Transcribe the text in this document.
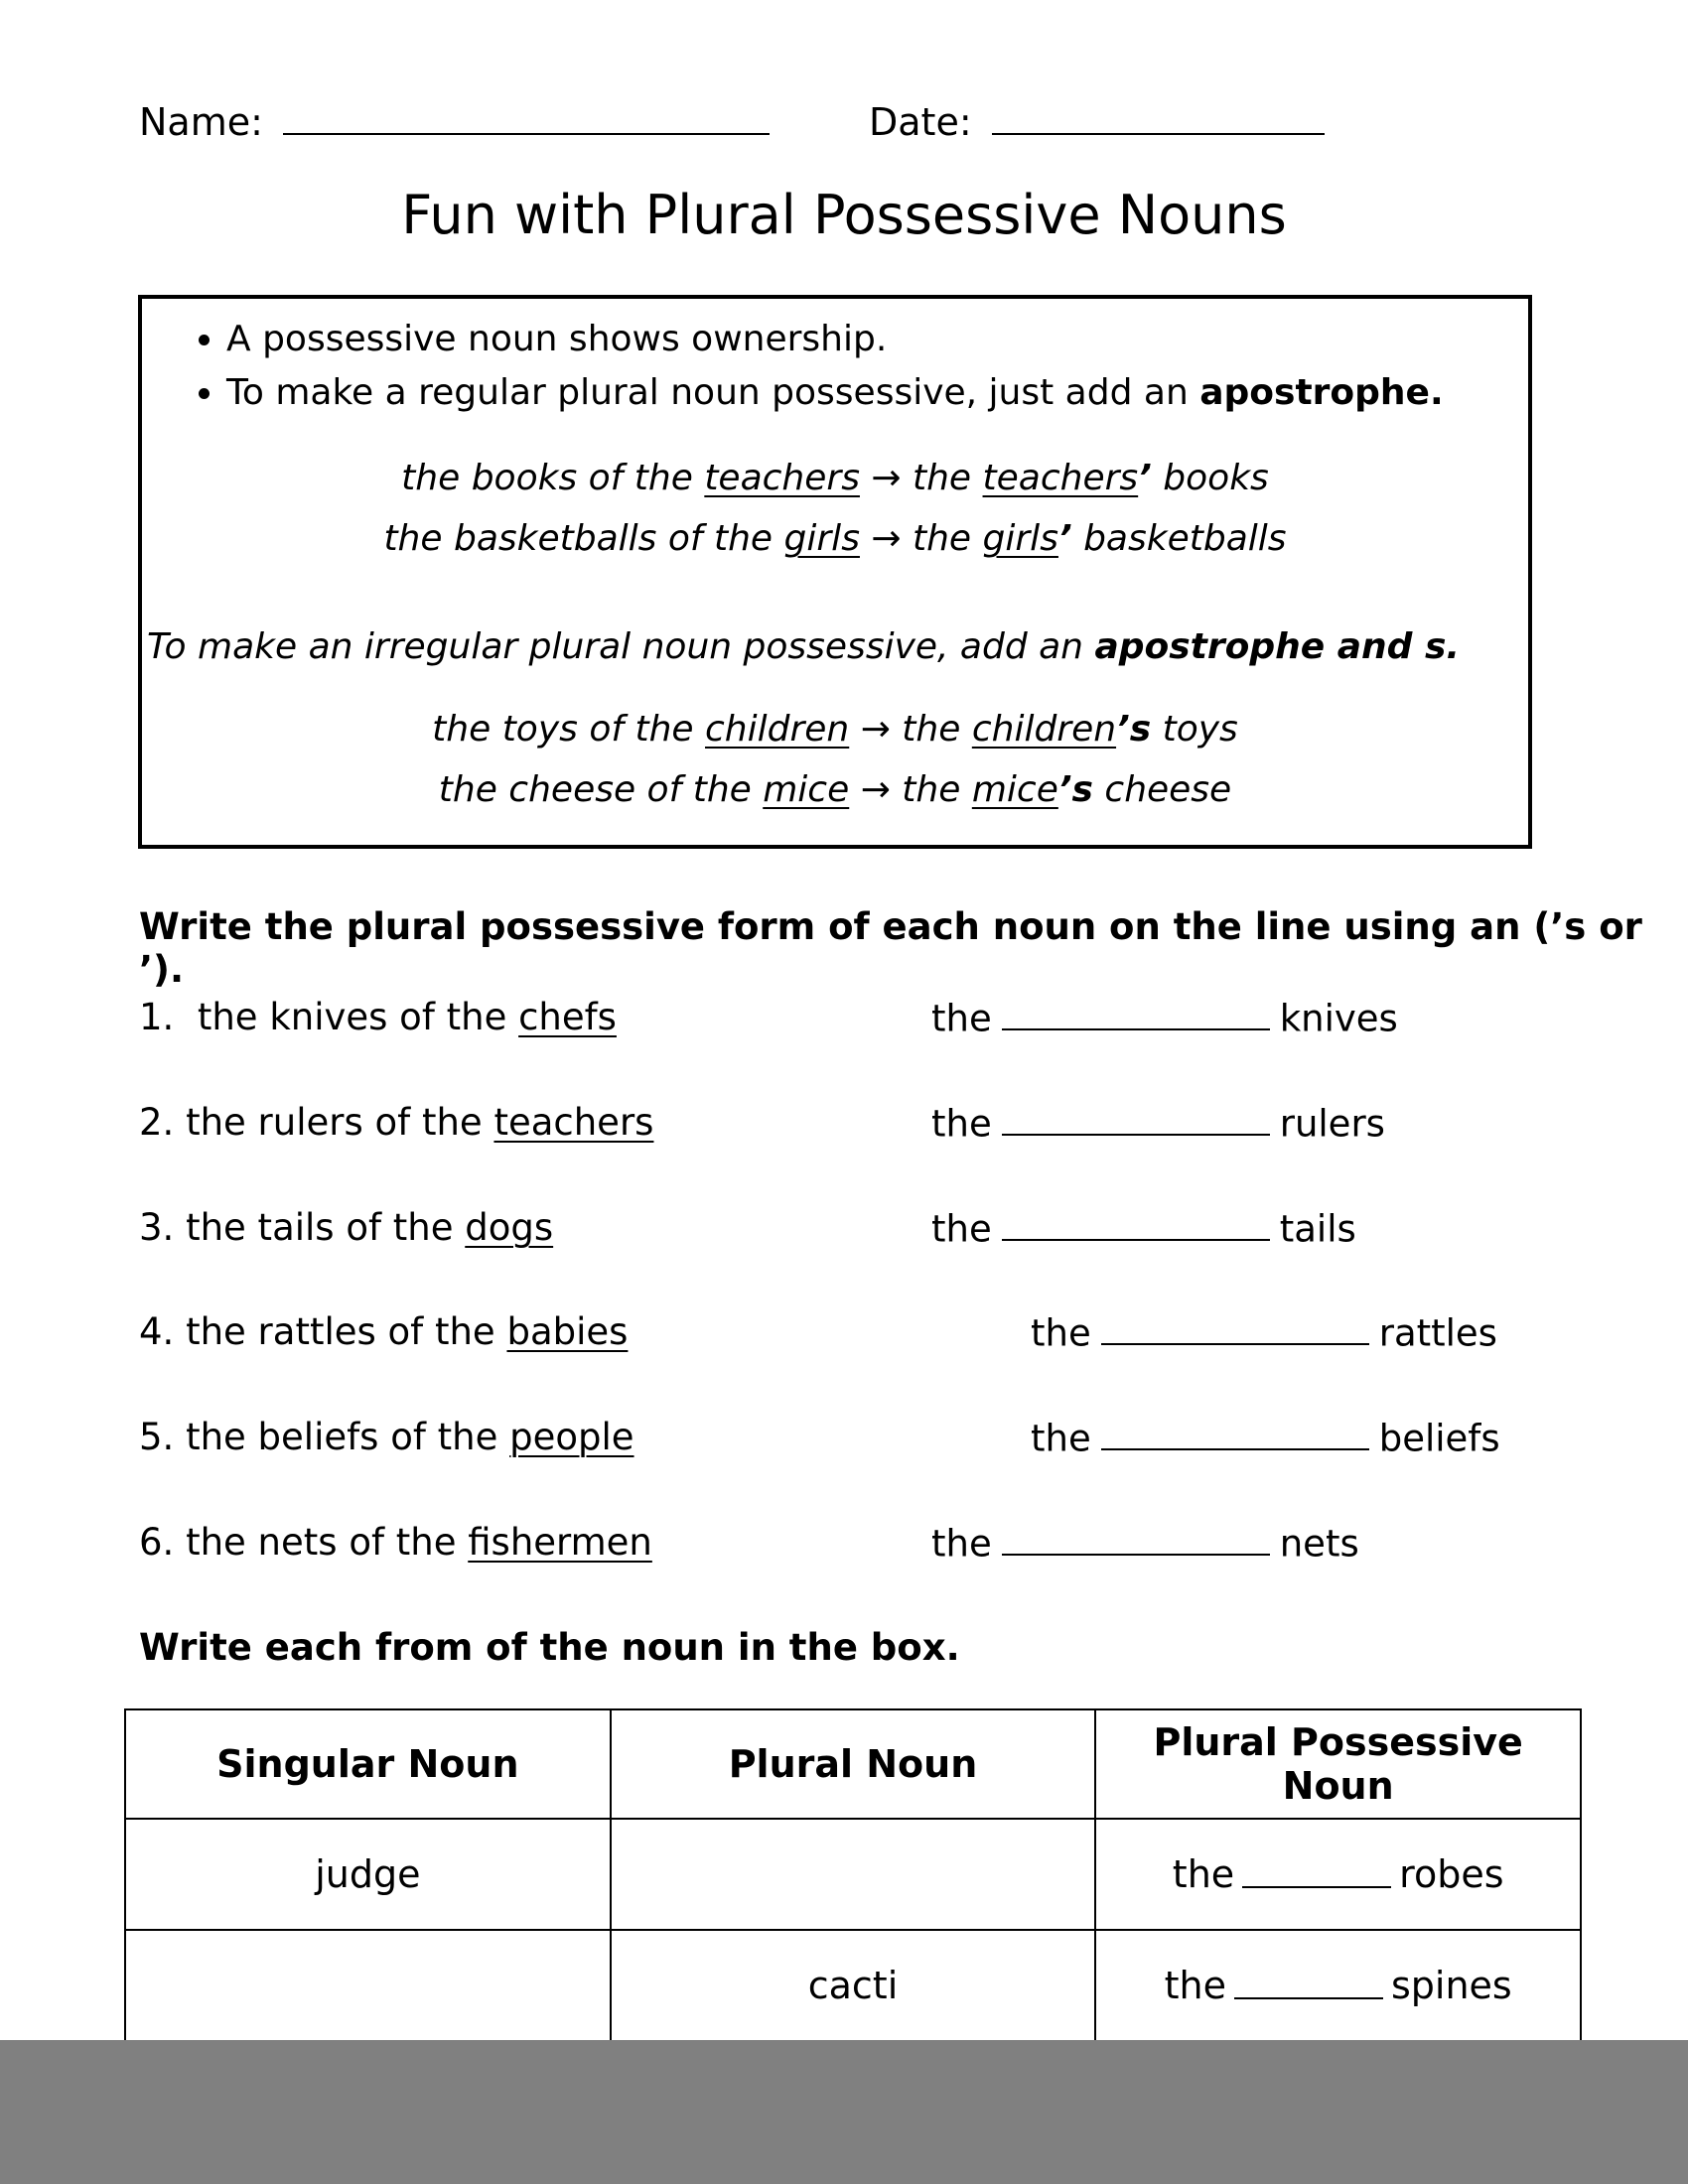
Name:	Date:
Fun with Plural Possessive Nouns
• A possessive noun shows ownership.
• To make a regular plural noun possessive, just add an apostrophe.
the books of the teachers → the teachers’ books
the basketballs of the girls → the girls’ basketballs
To make an irregular plural noun possessive, add an apostrophe and s.
the toys of the children → the children’s toys
the cheese of the mice → the mice’s cheese
Write the plural possessive form of each noun on the line using an (’s or ’).
1. the knives of the chefs	the	knives
2. the rulers of the teachers	the	rulers
3. the tails of the dogs	the	tails
4. the rattles of the babies	the	rattles
5. the beliefs of the people	the	beliefs
6. the nets of the fishermen	the	nets
Write each from of the noun in the box.
Singular Noun	Plural Noun	Plural Possessive Noun
judge		the robes
	cacti	the spines
